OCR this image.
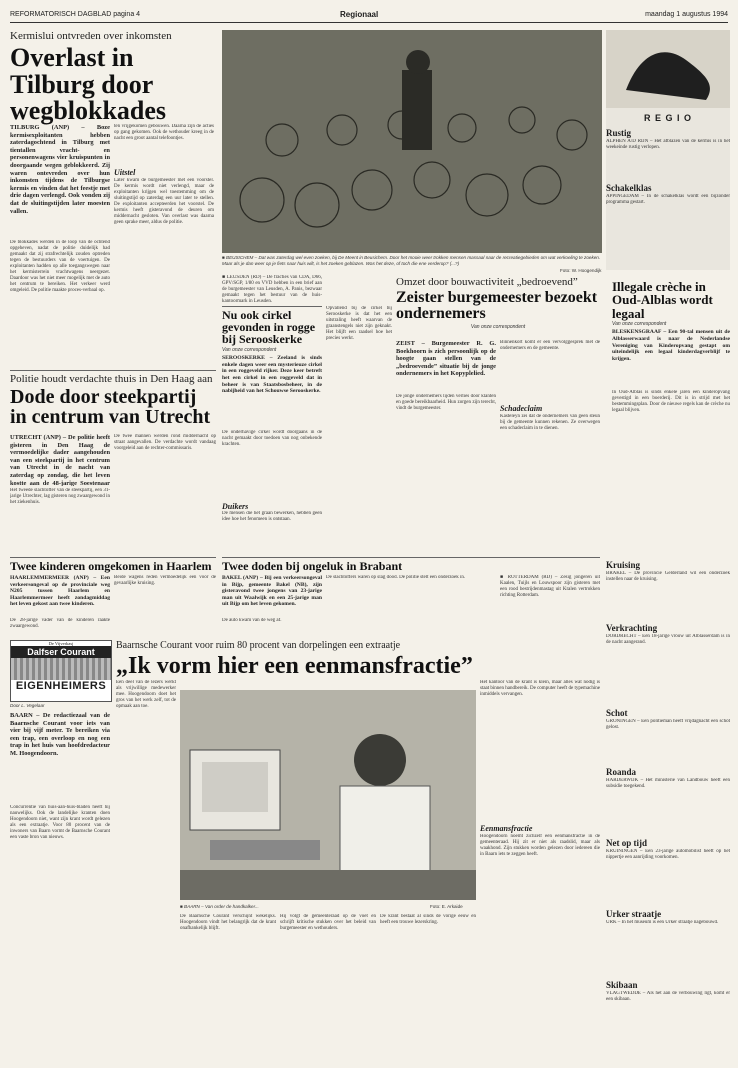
REFORMATORISCH DAGBLAD pagina 4	Regionaal	maandag 1 augustus 1994
Kermislui ontvreden over inkomsten
Overlast in Tilburg door wegblokkades
TILBURG (ANP) – Boze kermisexploitanten hebben zaterdagochtend in Tilburg met tientallen vracht- en personenwagens vier kruispunten in doorgaande wegen geblokkeerd. Zij waren ontevreden over hun inkomsten tijdens de Tilburgse kermis en vinden dat het feestje met drie dagen verlengd. Ook vonden zij dat de sluitingstijden later moesten vallen.
De blokkades werden in de loop van de ochtend opgeheven, nadat de politie duidelijk had gemaakt dat zij strafrechtelijk zouden optreden tegen de bestuurders van de voertuigen. De exploitanten hadden op alle toegangswegen naar het kermisterrein vrachtwagens neergezet. Daardoor was het niet meer mogelijk met de auto het centrum te bereiken. Het verkeer werd omgeleid. De politie maakte proces-verbaal op.
ten vrijgekomen gebouwen. Daarna zijn de acties op gang gekomen. Ook de wethouder kreeg in de nacht een groot aantal telefoontjes.
Uitstel
Later kwam de burgemeester met een voorstel. De kermis wordt niet verlengd, maar de exploitanten krijgen wel toestemming om de sluitingstijd op zaterdag een uur later te stellen. De exploitanten accepteerden het voorstel. De kermis heeft gisteravond de deuren om middernacht gesloten. Van overlast was daarna geen sprake meer, aldus de politie.
■ BEUSICHEM – Dat was zaterdag wel even zoeken, bij De Meent in Beusichem. Door het mooie weer trokken mensen massaal naar de recreatiegebieden om wat verkoeling te zoeken. Maar als je dan weer op je fiets naar huis wilt, is het zoeken geblazen. Was het deze, of toch die ene verderop? (...?)
Foto: W. Hoogendijk
■ LEUSDEN (RD) – De fracties van CDA, D66, GPV/SGP, 1/80 en VVD hebben in een brief aan de burgemeester van Leusden, A. Panis, bezwaar gemaakt tegen het bestuur van de huis-kantoormark in Leusden.
Nu ook cirkel gevonden in rogge bij Serooskerke
Van onze correspondent
SEROOSKERKE – Zeeland is sinds enkele dagen weer een mysterieuze cirkel in een roggeveld rijker. Deze keer betreft het een cirkel in een roggeveld dat in beheer is van Staatsbosbeheer, in de nabijheid van het Schouwse Serooskerke.
De onderhavige cirkel wordt doorgaans in de nacht gemaakt door toedoen van nog onbekende krachten.
Duikers
De mensen die het graan bewerken, hebben geen idee hoe het fenomeen is ontstaan.
Opvallend bij de cirkel bij Serooskerke is dat het een uitstraling heeft waarvan de graanstengels niet zijn geknakt. Het blijft een raadsel hoe het precies werkt.
Omzet door bouwactiviteit „bedroevend”
Zeister burgemeester bezoekt ondernemers
Van onze correspondent
ZEIST – Burgemeester R. G. Boekhoorn is zich persoonlijk op de hoogte gaan stellen van de „bedroevende” situatie bij de jonge ondernemers in het Kopyplelied.
De jonge ondernemers lijden verlies door klanten en goede bereikbaarheid. Hun zorgen zijn terecht, vindt de burgemeester.
Binnenkort komt er een vervolggesprek met de ondernemers en de gemeente.
Schadeclaim
Kasteleyn zei dat de ondernemers van geen steun bij de gemeente kunnen rekenen. Ze overwegen een schadeclaim in te dienen.
Illegale crèche in Oud-Alblas wordt legaal
Van onze correspondent
BLESKENSGRAAF – Een 90-tal mensen uit de Alblasserwaard is naar de Nederlandse Vereniging van Kinderopvang gestapt om uiteindelijk een legaal kinderdagverblijf te krijgen.
In Oud-Alblas is sinds enkele jaren een kinderopvang gevestigd in een boerderij. Dit is in strijd met het bestemmingsplan. Door de nieuwe regels kan de crèche nu legaal blijven.
R E G I O
Rustig
ALPHEN A/D RIJN – Het afblazen van de kermis is in het weekeinde rustig verlopen.
Schakelklas
APPINGEDAM – In de schakelklas wordt een bijzonder programma gestart.
Kruising
BRAKEL – De provincie Gelderland wil een onderzoek instellen naar de kruising.
Verkrachting
DORDRECHT – Een 18-jarige vrouw uit Alblasserdam is in de nacht aangerand.
Schot
GRONINGEN – Een politieman heeft vrijdagnacht een schot gelost.
Roanda
HARDERWIJK – Het ministerie van Landbouw heeft een subsidie toegekend.
Net op tijd
KRUININGEN – Een 23-jarige automobilist heeft op het nippertje een aanrijding voorkomen.
Urker straatje
URK – In het museum is een Urker straatje nagebouwd.
Skibaan
VLAGTWEDDE – Als het aan de verbouwing ligt, komt er een skibaan.
Politie houdt verdachte thuis in Den Haag aan
Dode door steekpartij in centrum van Utrecht
UTRECHT (ANP) – De politie heeft gisteren in Den Haag de vermoedelijke dader aangehouden van een steekpartij in het centrum van Utrecht in de nacht van zaterdag op zondag, die het leven kostte aan de 48-jarige Soestenaar
Het tweede slachtoffer van de steekpartij, een 31-jarige Utrechter, lag gisteren nog zwaargewond in het ziekenhuis.
De twee mannen werden rond middernacht op straat aangevallen. De verdachte wordt vandaag voorgeleid aan de rechter-commissaris.
Twee kinderen omgekomen in Haarlem
HAARLEMMERMEER (ANP) – Een verkeersongeval op de provinciale weg N205 tussen Haarlem en Haarlemmermeer heeft zondagmiddag het leven gekost aan twee kinderen.
De 28-jarige vader van de kinderen raakte zwaargewond.
Beide wagens reden vermoedelijk een voor de gevaarlijke kruising.
Twee doden bij ongeluk in Brabant
BAKEL (ANP) – Bij een verkeersongeval in Bijp, gemeente Bakel (NB), zijn gisteravond twee jongens van 23-jarige man uit Waalwijk en een 25-jarige man uit Bijp om het leven gekomen.
De auto kwam van de weg af.
De slachtoffers waren op slag dood. De politie stelt een onderzoek in.	■ ROTTERDAM (RD) – Zesig jongeren uit Kaalen, Tuijls en Louwspoor zijn gisteren met een rood bestrijdenmastag uit Kralen vertrokken richting Rotterdam.
De Vijverkasj
Dalfser Courant
EIGENHEIMERS
Door L. Vegelaar
Baarnsche Courant voor ruim 80 procent van dorpelingen een extraatje
„Ik vorm hier een eenmansfractie”
BAARN – De redactiezaal van de Baarnsche Courant voor iets van vier bij vijf meter. Te bereiken via een trap, een overloop en nog een trap in het huis van hoofdredacteur M. Hoogendoorn.
Concurrentie van huis-aan-huis-bladen heeft hij nauwelijks. Ook de landelijke kranten doen Hoogendoorn niet, want zijn krant wordt gelezen als een extraatje. Voor 80 procent van de inwoners van Baarn vormt de Baarnsche Courant een vaste bron van nieuws.
Een deel van de lezers werkt als vrijwillige medewerker mee. Hoogendoorn doet het gros van het werk zelf, tot de opmaak aan toe.
■ BAARN – Van order de handkalker...	Foto: E. Arkaide
De Baarnsche Courant verschijnt wekelijks. Hoogendoorn vindt het belangrijk dat de krant onafhankelijk blijft.
Hij volgt de gemeenteraad op de voet en schrijft kritische stukken over het beleid van burgemeester en wethouders.
De krant bestaat al sinds de vorige eeuw en heeft een trouwe lezerskring.
Het kantoor van de krant is klein, maar alles wat nodig is staat binnen handbereik. De computer heeft de typemachine inmiddels vervangen.
Eenmansfractie
Hoogendoorn noemt zichzelf een eenmansfractie in de gemeenteraad. Hij zit er niet als raadslid, maar als waakhond. Zijn stukken worden gelezen door iedereen die in Baarn iets te zeggen heeft.
